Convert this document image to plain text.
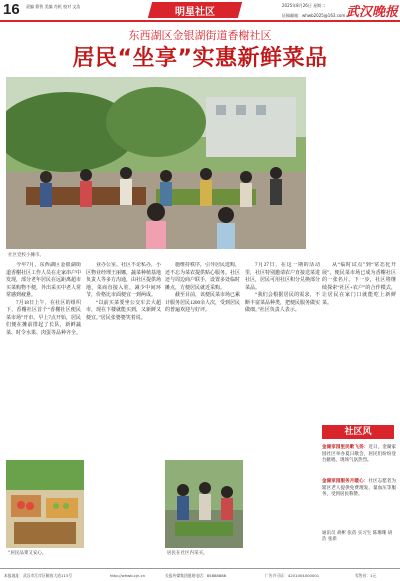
16 责编 曹智 美编 肖机 校对 文浩
明星社区
2025年8月26日 星期二 武汉晚报
证稿邮箱：whwb2025@163.com
东西湖区金银湖街道香榭社区
居民“坐享”实惠新鲜菜品
社区党校小摊市。

今年7月，东西湖区金银湖街道香榭社区工作人员在走家串户中发现，部分老年居民在远距离超市买菜购物不便，外出采买中老人常常感到疲惫。

7月18日上午，在社区的组织下，香榭社区首个“香榭社区便民菜市场”开市。早上7点开始，居民们便在摊前排起了长队，新鲜蔬菜、时令水果、肉蛋等品种齐全。

业办公室。社区不论私办，小区物业经理王丽娜，蔬菜种植基地负责人等多方沟通，由社区提供场地，菜商直接入驻，减少中间环节，价格比市面便宜一到两成。

“以前买菜要坐公交车去大超市，现在下楼就能买到，又新鲜又便宜。”居民张婆婆笑着说。

施维持秩序，引导居民选购，还不忘为菜农提供贴心服务。社区还与周边商户联手，设置多处临时摊点，方便居民就近采购。

截至目前，该便民菜市场已累计服务居民1200余人次，受到居民的普遍欢迎与好评。

7月27日，在这一期的活动里，社区特别邀请农户直接送菜进社区，居民可用社区积分兑换部分菜品。

“我们会根据居民的需求，不断丰富菜品种类，把便民服务做实做细。”社区负责人表示。

从“临时试点”到“常态化开展”，便民菜市场已成为香榭社区的一张名片。下一步，社区将继续探索“社区+农户”的合作模式，让居民在家门口就能吃上新鲜菜。

“居民品菜又安心。	居民在社区内采买。
社区风
金湖家园里民歌飞扬：近日，金湖家园社区举办夏日歌会，居民们纷纷登台献唱，现场气氛热烈。
金湖家园服务月暖心：社区志愿者为辖区老人提供免费理发、量血压等服务，受到居民称赞。
通讯员 胡彬 张蓓 实习生 陈珊珊 胡 浩 张新
本报地址：武汉市江岸区解放大道113号	http://whwb.cjn.cn	长报传媒集团值班电话：85888888	广告许可证：4201004000001	零售价：1元
